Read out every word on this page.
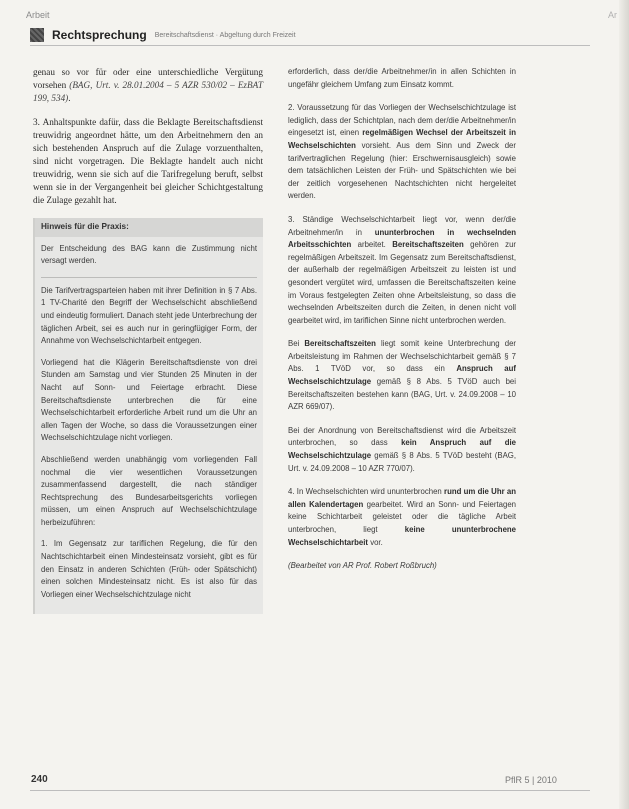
Arbeit	Ar
Rechtsprechung Bereitschaftsdienst · Abgeltung durch Freizeit

genau so vor für oder eine unterschiedliche Vergütung vorsehen (BAG, Urt. v. 28.01.2004 – 5 AZR 530/02 – EzBAT 199, 534).

3. Anhaltspunkte dafür, dass die Beklagte Bereitschaftsdienst treuwidrig angeordnet hätte, um den Arbeitnehmern den an sich bestehenden Anspruch auf die Zulage vorzuenthalten, sind nicht vorgetragen. Die Beklagte handelt auch nicht treuwidrig, wenn sie sich auf die Tarifregelung beruft, selbst wenn sie in der Vergangenheit bei gleicher Schichtgestaltung die Zulage gezahlt hat.

Hinweis für die Praxis:

Der Entscheidung des BAG kann die Zustimmung nicht versagt werden.

Die Tarifvertragsparteien haben mit ihrer Definition in § 7 Abs. 1 TV-Charité den Begriff der Wechselschicht abschließend und eindeutig formuliert. Danach steht jede Unterbrechung der täglichen Arbeit, sei es auch nur in geringfügiger Form, der Annahme von Wechselschichtarbeit entgegen.

Vorliegend hat die Klägerin Bereitschaftsdienste von drei Stunden am Samstag und vier Stunden 25 Minuten in der Nacht auf Sonn- und Feiertage erbracht. Diese Bereitschaftsdienste unterbrechen die für eine Wechselschichtarbeit erforderliche Arbeit rund um die Uhr an allen Tagen der Woche, so dass die Voraussetzungen einer Wechselschichtzulage nicht vorliegen.

Abschließend werden unabhängig vom vorliegenden Fall nochmal die vier wesentlichen Voraussetzungen zusammenfassend dargestellt, die nach ständiger Rechtsprechung des Bundesarbeitsgerichts vorliegen müssen, um einen Anspruch auf Wechselschichtzulage herbeizuführen:

1. Im Gegensatz zur tariflichen Regelung, die für den Nachtschichtarbeit einen Mindesteinsatz vorsieht, gibt es für den Einsatz in anderen Schichten (Früh- oder Spätschicht) einen solchen Mindesteinsatz nicht. Es ist also für das Vorliegen einer Wechselschichtzulage nicht

erforderlich, dass der/die Arbeitnehmer/in in allen Schichten in ungefähr gleichem Umfang zum Einsatz kommt.

2. Voraussetzung für das Vorliegen der Wechselschichtzulage ist lediglich, dass der Schichtplan, nach dem der/die Arbeitnehmer/in eingesetzt ist, einen regelmäßigen Wechsel der Arbeitszeit in Wechselschichten vorsieht. Aus dem Sinn und Zweck der tarifvertraglichen Regelung (hier: Erschwernisausgleich) sowie dem tatsächlichen Leisten der Früh- und Spätschichten wie bei der zeitlich vorgesehenen Nachtschichten nicht hergeleitet werden.

3. Ständige Wechselschichtarbeit liegt vor, wenn der/die Arbeitnehmer/in in ununterbrochen in wechselnden Arbeitsschichten arbeitet. Bereitschaftszeiten gehören zur regelmäßigen Arbeitszeit. Im Gegensatz zum Bereitschaftsdienst, der außerhalb der regelmäßigen Arbeitszeit zu leisten ist und gesondert vergütet wird, umfassen die Bereitschaftszeiten keine im Voraus festgelegten Zeiten ohne Arbeitsleistung, so dass die wechselnden Arbeitszeiten durch die Zeiten, in denen nicht voll gearbeitet wird, im tariflichen Sinne nicht unterbrochen werden.

Bei Bereitschaftszeiten liegt somit keine Unterbrechung der Arbeitsleistung im Rahmen der Wechselschichtarbeit gemäß § 7 Abs. 1 TVöD vor, so dass ein Anspruch auf Wechselschichtzulage gemäß § 8 Abs. 5 TVöD auch bei Bereitschaftszeiten bestehen kann (BAG, Urt. v. 24.09.2008 – 10 AZR 669/07).

Bei der Anordnung von Bereitschaftsdienst wird die Arbeitszeit unterbrochen, so dass kein Anspruch auf die Wechselschichtzulage gemäß § 8 Abs. 5 TVöD besteht (BAG, Urt. v. 24.09.2008 – 10 AZR 770/07).

4. In Wechselschichten wird ununterbrochen rund um die Uhr an allen Kalendertagen gearbeitet. Wird an Sonn- und Feiertagen keine Schichtarbeit geleistet oder die tägliche Arbeit unterbrochen, liegt keine ununterbrochene Wechselschichtarbeit vor.

(Bearbeitet von AR Prof. Robert Roßbruch)

240	PflR 5 | 2010
